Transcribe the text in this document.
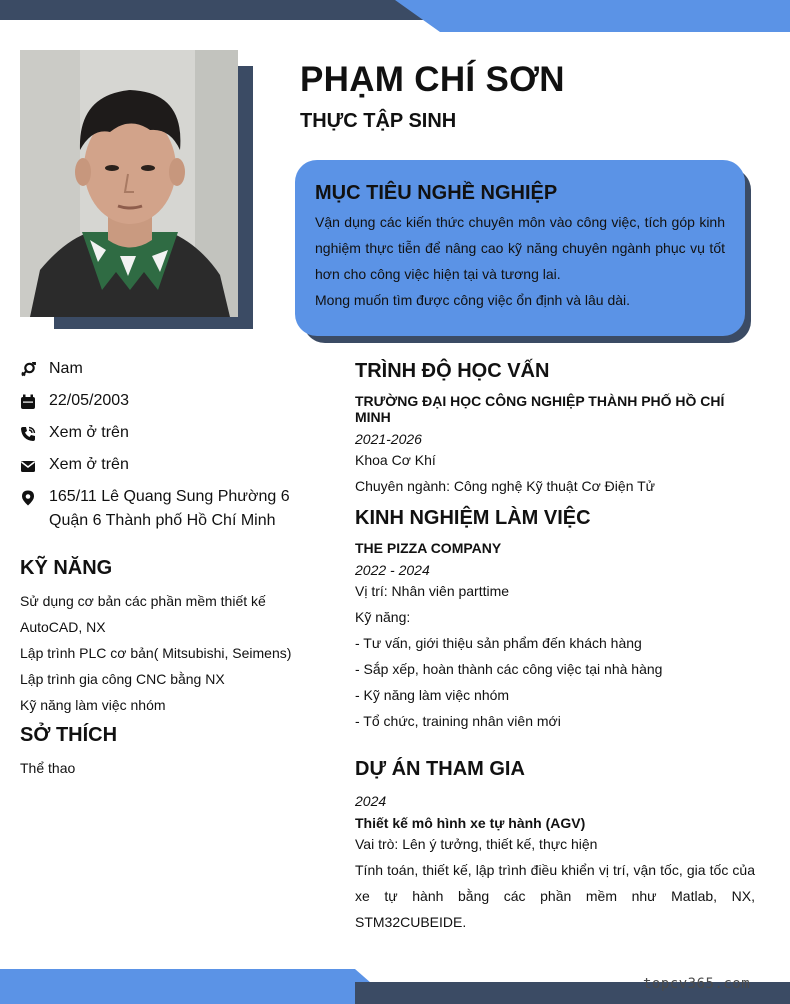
PHẠM CHÍ SƠN
THỰC TẬP SINH
MỤC TIÊU NGHỀ NGHIỆP
Vận dụng các kiến thức chuyên môn vào công việc, tích góp kinh nghiệm thực tiễn để nâng cao kỹ năng chuyên ngành phục vụ tốt hơn cho công việc hiện tại và tương lai.
Mong muốn tìm được công việc ổn định và lâu dài.
Nam
22/05/2003
Xem ở trên
Xem ở trên
165/11 Lê Quang Sung Phường 6
Quận 6 Thành phố Hồ Chí Minh
KỸ NĂNG
Sử dụng cơ bản các phần mềm thiết kế
AutoCAD, NX
Lập trình PLC cơ bản( Mitsubishi, Seimens)
Lập trình gia công CNC bằng NX
Kỹ năng làm việc nhóm
SỞ THÍCH
Thể thao
TRÌNH ĐỘ HỌC VẤN
TRƯỜNG ĐẠI HỌC CÔNG NGHIỆP THÀNH PHỐ HỒ CHÍ MINH
2021-2026
Khoa Cơ Khí
Chuyên ngành: Công nghệ Kỹ thuật Cơ Điện Tử
KINH NGHIỆM LÀM VIỆC
THE PIZZA COMPANY
2022 - 2024
Vị trí: Nhân viên parttime
Kỹ năng:
- Tư vấn, giới thiệu sản phẩm đến khách hàng
- Sắp xếp, hoàn thành các công việc tại nhà hàng
- Kỹ năng làm việc nhóm
- Tổ chức, training nhân viên mới
DỰ ÁN THAM GIA
2024
Thiết kế mô hình xe tự hành (AGV)
Vai trò: Lên ý tưởng, thiết kế, thực hiện
Tính toán, thiết kế, lập trình điều khiển vị trí, vận tốc, gia tốc của xe tự hành bằng các phần mềm như Matlab, NX, STM32CUBEIDE.
topcv365.com
